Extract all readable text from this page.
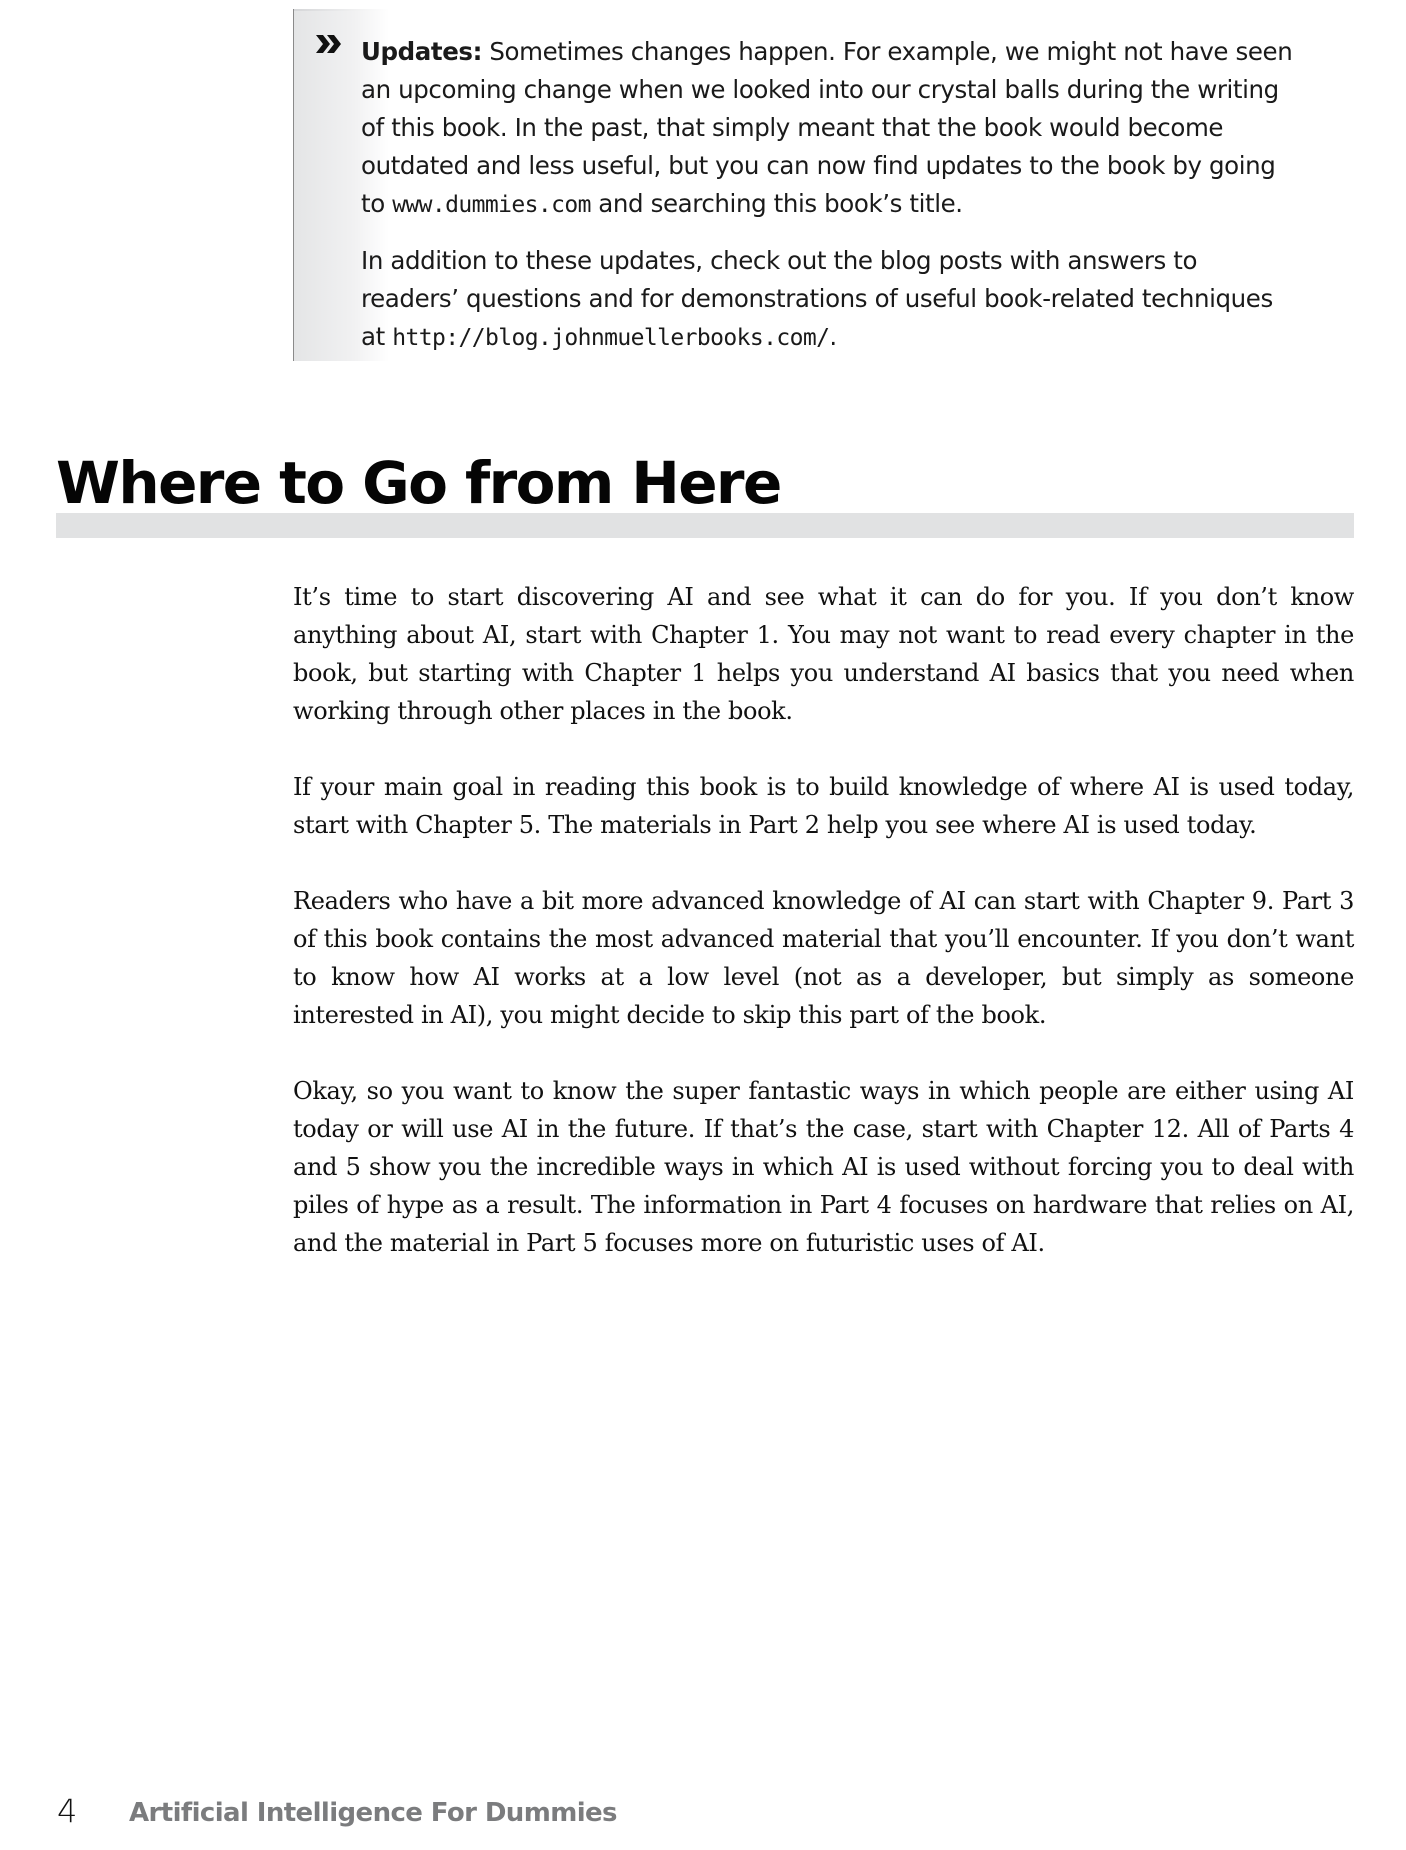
Updates: Sometimes changes happen. For example, we might not have seen an upcoming change when we looked into our crystal balls during the writing of this book. In the past, that simply meant that the book would become outdated and less useful, but you can now find updates to the book by going to www.dummies.com and searching this book’s title.

In addition to these updates, check out the blog posts with answers to readers’ questions and for demonstrations of useful book-related techniques at http://blog.johnmuellerbooks.com/.

Where to Go from Here

It’s time to start discovering AI and see what it can do for you. If you don’t know anything about AI, start with Chapter 1. You may not want to read every chapter in the book, but starting with Chapter 1 helps you understand AI basics that you need when working through other places in the book.

If your main goal in reading this book is to build knowledge of where AI is used today, start with Chapter 5. The materials in Part 2 help you see where AI is used today.

Readers who have a bit more advanced knowledge of AI can start with Chapter 9. Part 3 of this book contains the most advanced material that you’ll encounter. If you don’t want to know how AI works at a low level (not as a developer, but simply as someone interested in AI), you might decide to skip this part of the book.

Okay, so you want to know the super fantastic ways in which people are either using AI today or will use AI in the future. If that’s the case, start with Chapter 12. All of Parts 4 and 5 show you the incredible ways in which AI is used without forcing you to deal with piles of hype as a result. The information in Part 4 focuses on hardware that relies on AI, and the material in Part 5 focuses more on futuristic uses of AI.

4 Artificial Intelligence For Dummies
